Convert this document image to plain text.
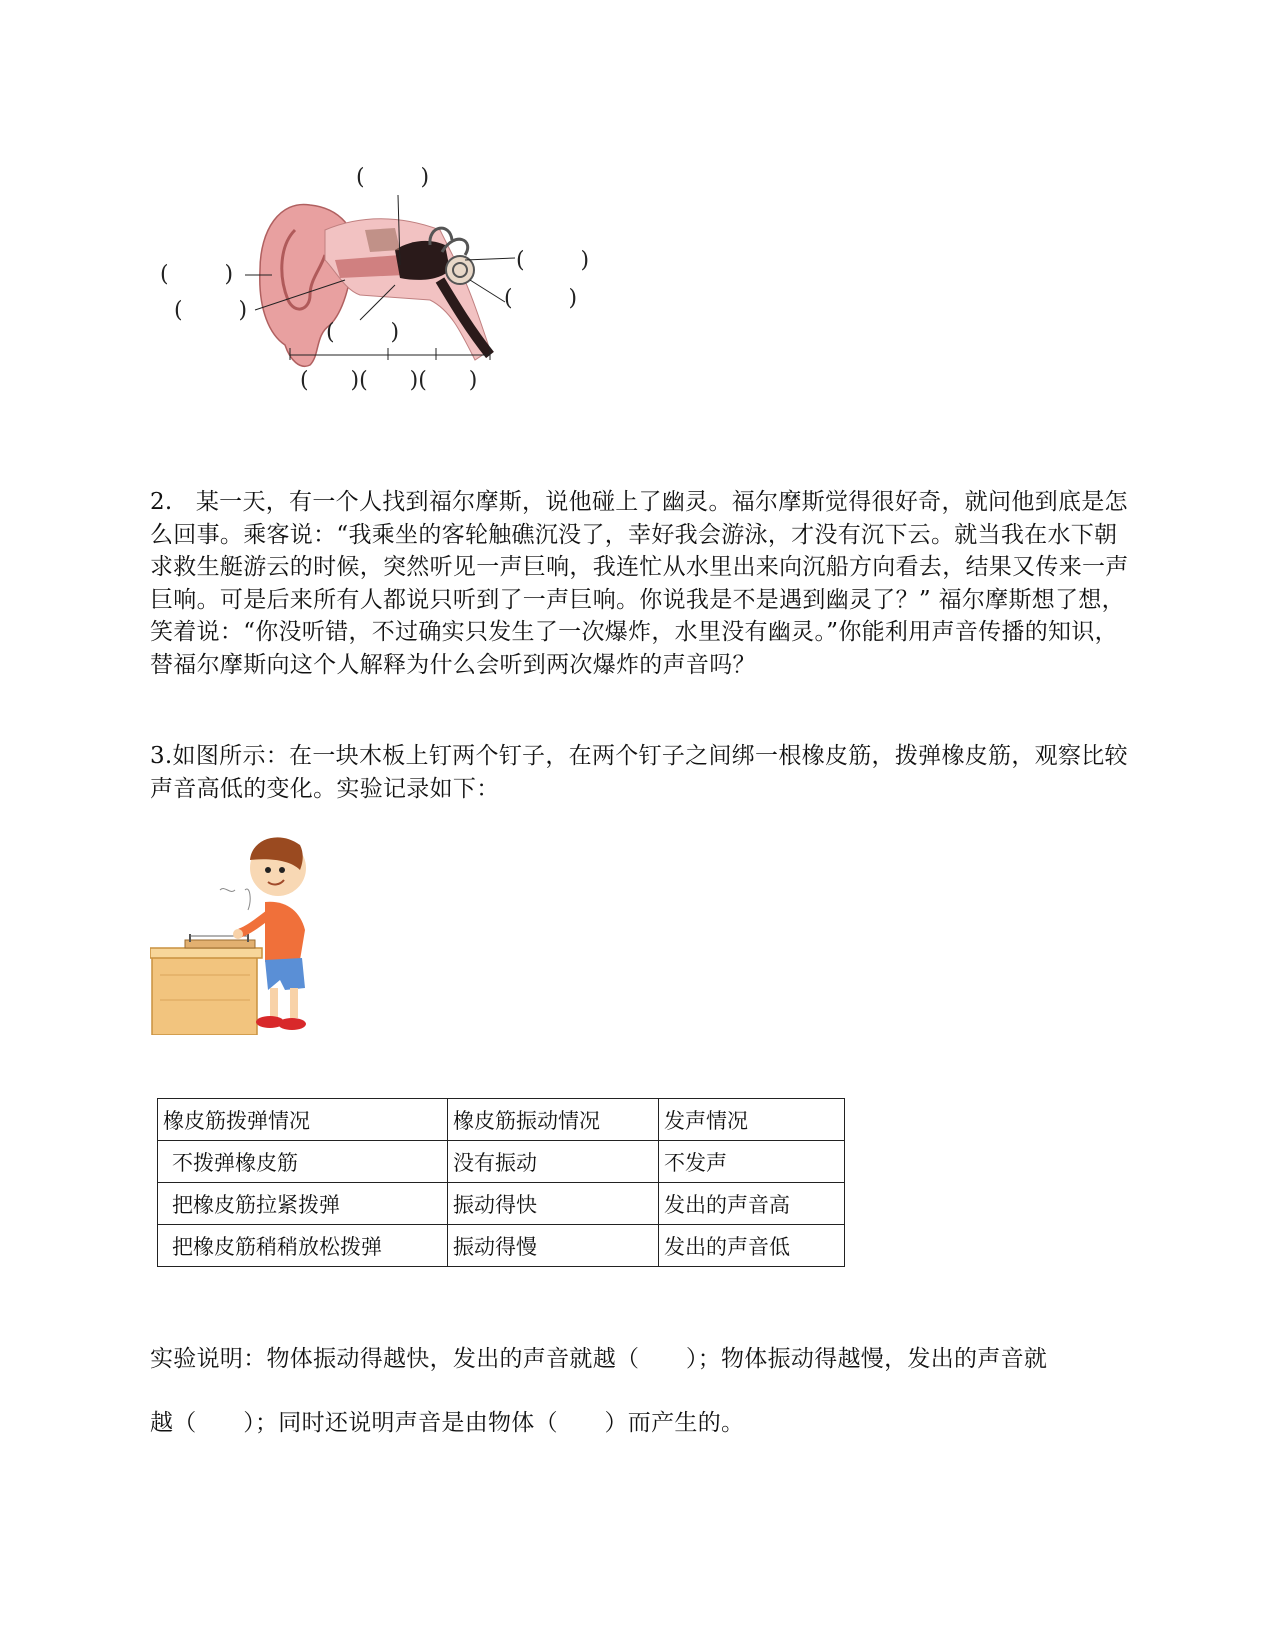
(        )
(        )
(        )
(        )
(        )
(        )
(      )(      )(      )
2.　某一天，有一个人找到福尔摩斯，说他碰上了幽灵。福尔摩斯觉得很好奇，就问他到底是怎么回事。乘客说：“我乘坐的客轮触礁沉没了，幸好我会游泳，才没有沉下云。就当我在水下朝求救生艇游云的时候，突然听见一声巨响，我连忙从水里出来向沉船方向看去，结果又传来一声巨响。可是后来所有人都说只听到了一声巨响。你说我是不是遇到幽灵了？” 福尔摩斯想了想，笑着说：“你没听错，不过确实只发生了一次爆炸，水里没有幽灵。”你能利用声音传播的知识，替福尔摩斯向这个人解释为什么会听到两次爆炸的声音吗？
3.如图所示：在一块木板上钉两个钉子，在两个钉子之间绑一根橡皮筋，拨弹橡皮筋，观察比较声音高低的变化。实验记录如下：
橡皮筋拨弹情况	橡皮筋振动情况	发声情况
不拨弹橡皮筋	没有振动	不发声
把橡皮筋拉紧拨弹	振动得快	发出的声音高
把橡皮筋稍稍放松拨弹	振动得慢	发出的声音低
实验说明：物体振动得越快，发出的声音就越（　　）；物体振动得越慢，发出的声音就
越（　　）；同时还说明声音是由物体（　　）而产生的。
